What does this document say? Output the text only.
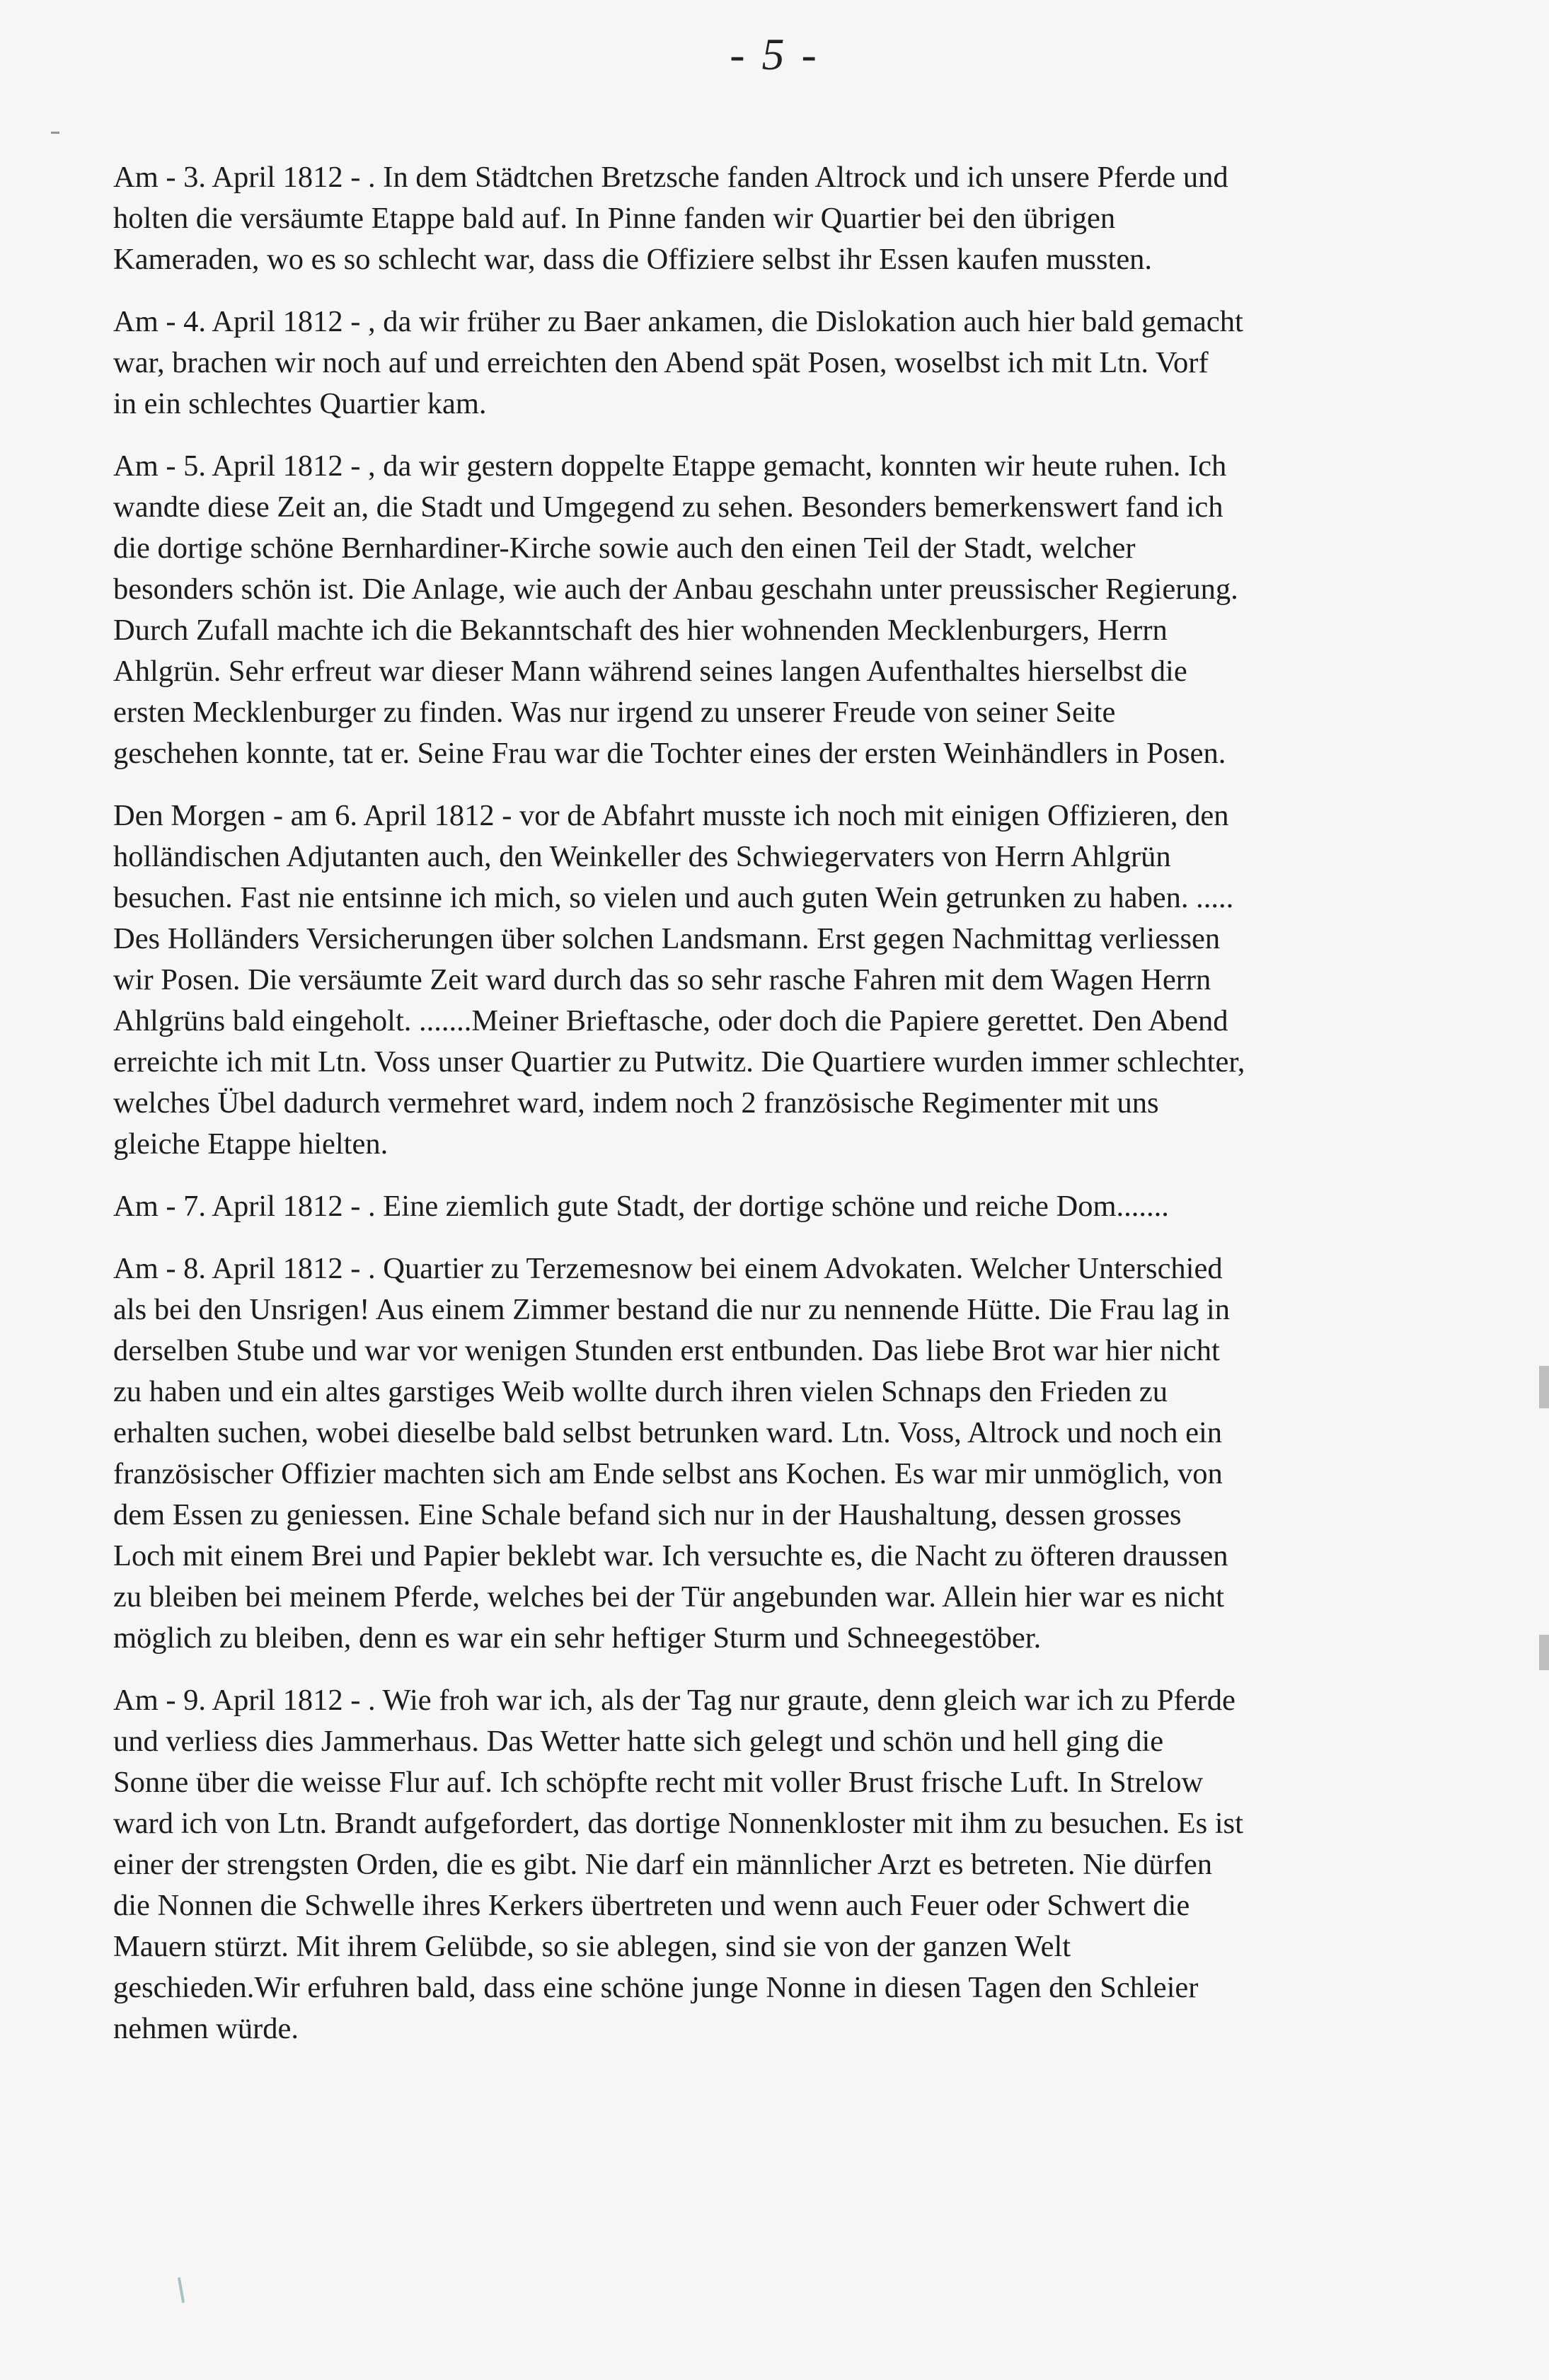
- 5 -
Am - 3. April 1812 - . In dem Städtchen Bretzsche fanden Altrock und ich unsere Pferde und
holten die versäumte Etappe bald auf. In Pinne fanden wir Quartier bei den übrigen
Kameraden, wo es so schlecht war, dass die Offiziere selbst ihr Essen kaufen mussten.
Am - 4. April 1812 - , da wir früher zu Baer ankamen, die Dislokation auch hier bald gemacht
war, brachen wir noch auf und erreichten den Abend spät Posen, woselbst ich mit Ltn. Vorf
in ein schlechtes Quartier kam.
Am - 5. April 1812 - , da wir gestern doppelte Etappe gemacht, konnten wir heute ruhen. Ich
wandte diese Zeit an, die Stadt und Umgegend zu sehen. Besonders bemerkenswert fand ich
die dortige schöne Bernhardiner-Kirche sowie auch den einen Teil der Stadt, welcher
besonders schön ist. Die Anlage, wie auch der Anbau geschahn unter preussischer Regierung.
Durch Zufall machte ich die Bekanntschaft des hier wohnenden Mecklenburgers, Herrn
Ahlgrün. Sehr erfreut war dieser Mann während seines langen Aufenthaltes hierselbst die
ersten Mecklenburger zu finden. Was nur irgend zu unserer Freude von seiner Seite
geschehen konnte, tat er. Seine Frau war die Tochter eines der ersten Weinhändlers in Posen.
Den Morgen - am 6. April 1812 - vor de Abfahrt musste ich noch mit einigen Offizieren, den
holländischen Adjutanten auch, den Weinkeller des Schwiegervaters von Herrn Ahlgrün
besuchen. Fast nie entsinne ich mich, so vielen und auch guten Wein getrunken zu haben. .....
Des Holländers Versicherungen über solchen Landsmann. Erst gegen Nachmittag verliessen
wir Posen. Die versäumte Zeit ward durch das so sehr rasche Fahren mit dem Wagen Herrn
Ahlgrüns bald eingeholt. .......Meiner Brieftasche, oder doch die Papiere gerettet. Den Abend
erreichte ich mit Ltn. Voss unser Quartier zu Putwitz. Die Quartiere wurden immer schlechter,
welches Übel dadurch vermehret ward, indem noch 2 französische Regimenter mit uns
gleiche Etappe hielten.
Am - 7. April 1812 - . Eine ziemlich gute Stadt, der dortige schöne und reiche Dom.......
Am - 8. April 1812 - . Quartier zu Terzemesnow bei einem Advokaten. Welcher Unterschied
als bei den Unsrigen! Aus einem Zimmer bestand die nur zu nennende Hütte. Die Frau lag in
derselben Stube und war vor wenigen Stunden erst entbunden. Das liebe Brot war hier nicht
zu haben und ein altes garstiges Weib wollte durch ihren vielen Schnaps den Frieden zu
erhalten suchen, wobei dieselbe bald selbst betrunken ward. Ltn. Voss, Altrock und noch ein
französischer Offizier machten sich am Ende selbst ans Kochen. Es war mir unmöglich, von
dem Essen zu geniessen. Eine Schale befand sich nur in der Haushaltung, dessen grosses
Loch mit einem Brei und Papier beklebt war. Ich versuchte es, die Nacht zu öfteren draussen
zu bleiben bei meinem Pferde, welches bei der Tür angebunden war. Allein hier war es nicht
möglich zu bleiben, denn es war ein sehr heftiger Sturm und Schneegestöber.
Am - 9. April 1812 - . Wie froh war ich, als der Tag nur graute, denn gleich war ich zu Pferde
und verliess dies Jammerhaus. Das Wetter hatte sich gelegt und schön und hell ging die
Sonne über die weisse Flur auf. Ich schöpfte recht mit voller Brust frische Luft. In Strelow
ward ich von Ltn. Brandt aufgefordert, das dortige Nonnenkloster mit ihm zu besuchen. Es ist
einer der strengsten Orden, die es gibt. Nie darf ein männlicher Arzt es betreten. Nie dürfen
die Nonnen die Schwelle ihres Kerkers übertreten und wenn auch Feuer oder Schwert die
Mauern stürzt. Mit ihrem Gelübde, so sie ablegen, sind sie von der ganzen Welt
geschieden.Wir erfuhren bald, dass eine schöne junge Nonne in diesen Tagen den Schleier
nehmen würde.
